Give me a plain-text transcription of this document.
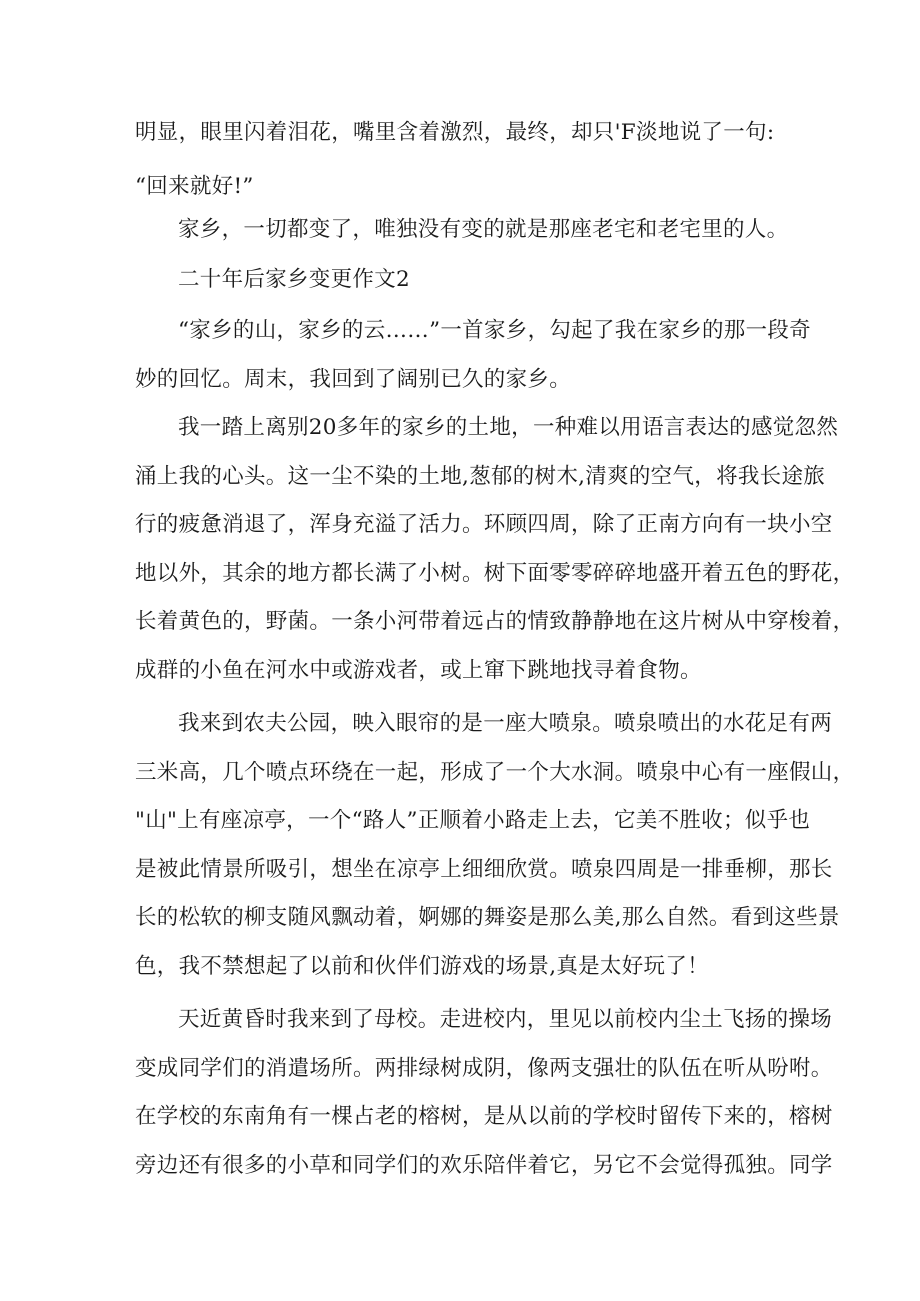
明显，眼里闪着泪花，嘴里含着激烈，最终，却只'F淡地说了一句:
“回来就好!”
家乡，一切都变了，唯独没有变的就是那座老宅和老宅里的人。
二十年后家乡变更作文2
“家乡的山，家乡的云……”一首家乡，勾起了我在家乡的那一段奇
妙的回忆。周末，我回到了阔别已久的家乡。
我一踏上离别20多年的家乡的土地，一种难以用语言表达的感觉忽然
涌上我的心头。这一尘不染的土地,葱郁的树木,清爽的空气，将我长途旅
行的疲惫消退了，浑身充溢了活力。环顾四周，除了正南方向有一块小空
地以外，其余的地方都长满了小树。树下面零零碎碎地盛开着五色的野花，
长着黄色的，野菌。一条小河带着远占的情致静静地在这片树从中穿梭着，
成群的小鱼在河水中或游戏者，或上窜下跳地找寻着食物。
我来到农夫公园，映入眼帘的是一座大喷泉。喷泉喷出的水花足有两
三米高，几个喷点环绕在一起，形成了一个大水洞。喷泉中心有一座假山，
"山"上有座凉亭，一个“路人”正顺着小路走上去，它美不胜收；似乎也
是被此情景所吸引，想坐在凉亭上细细欣赏。喷泉四周是一排垂柳，那长
长的松软的柳支随风飘动着，婀娜的舞姿是那么美,那么自然。看到这些景
色，我不禁想起了以前和伙伴们游戏的场景,真是太好玩了！
天近黄昏时我来到了母校。走进校内，里见以前校内尘土飞扬的操场
变成同学们的消遣场所。两排绿树成阴，像两支强壮的队伍在听从吩咐。
在学校的东南角有一棵占老的榕树，是从以前的学校时留传下来的，榕树
旁边还有很多的小草和同学们的欢乐陪伴着它，另它不会觉得孤独。同学
